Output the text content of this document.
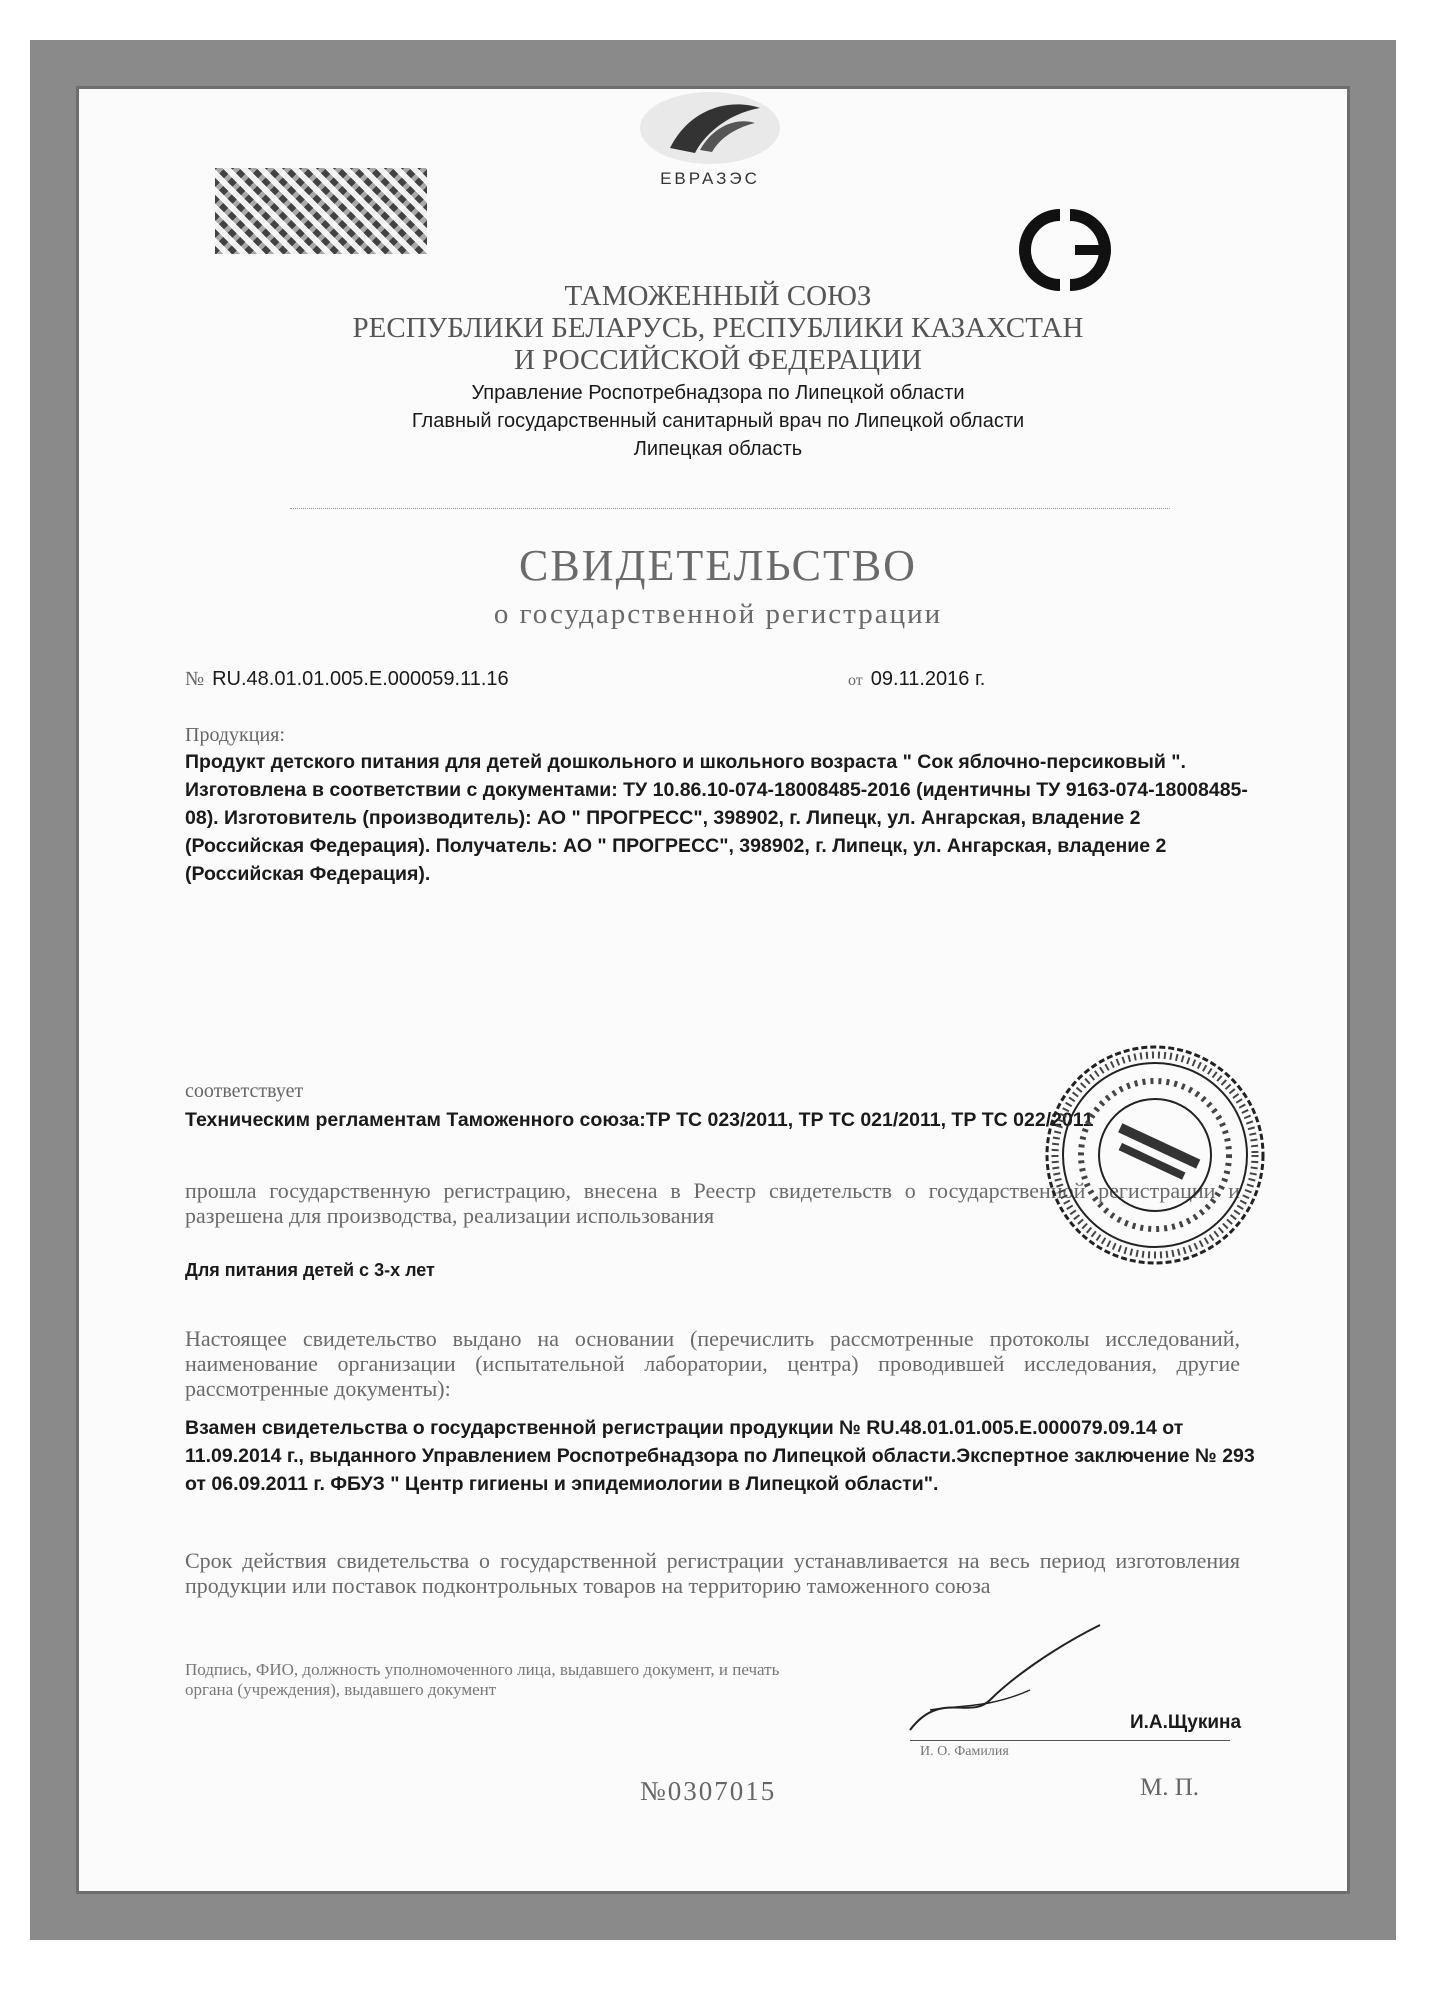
ЕВРАЗЭС
ТАМОЖЕННЫЙ СОЮЗ
РЕСПУБЛИКИ БЕЛАРУСЬ, РЕСПУБЛИКИ КАЗАХСТАН
И РОССИЙСКОЙ ФЕДЕРАЦИИ
Управление Роспотребнадзора по Липецкой области
Главный государственный санитарный врач по Липецкой области
Липецкая область
СВИДЕТЕЛЬСТВО
о государственной регистрации
№ RU.48.01.01.005.Е.000059.11.16	от 09.11.2016 г.
Продукция:
Продукт детского питания для детей дошкольного и школьного возраста " Сок яблочно-персиковый ". Изготовлена в соответствии с документами: ТУ 10.86.10-074-18008485-2016 (идентичны ТУ 9163-074-18008485-08). Изготовитель (производитель): АО " ПРОГРЕСС", 398902, г. Липецк, ул. Ангарская, владение 2 (Российская Федерация). Получатель: АО " ПРОГРЕСС", 398902, г. Липецк, ул. Ангарская, владение 2 (Российская Федерация).
соответствует
Техническим регламентам Таможенного союза:ТР ТС 023/2011, ТР ТС 021/2011, ТР ТС 022/2011
прошла государственную регистрацию, внесена в Реестр свидетельств о государственной регистрации и разрешена для производства, реализации использования
Для питания детей с 3-х лет
Настоящее свидетельство выдано на основании (перечислить рассмотренные протоколы исследований, наименование организации (испытательной лаборатории, центра) проводившей исследования, другие рассмотренные документы):
Взамен свидетельства о государственной регистрации продукции № RU.48.01.01.005.Е.000079.09.14 от 11.09.2014 г., выданного Управлением Роспотребнадзора по Липецкой области.Экспертное заключение № 293 от 06.09.2011 г. ФБУЗ " Центр гигиены и эпидемиологии в Липецкой области".
Срок действия свидетельства о государственной регистрации устанавливается на весь период изготовления продукции или поставок подконтрольных товаров на территорию таможенного союза
Подпись, ФИО, должность уполномоченного лица, выдавшего документ, и печать органа (учреждения), выдавшего документ
И.А.Щукина
И. О. Фамилия
М. П.
№0307015
